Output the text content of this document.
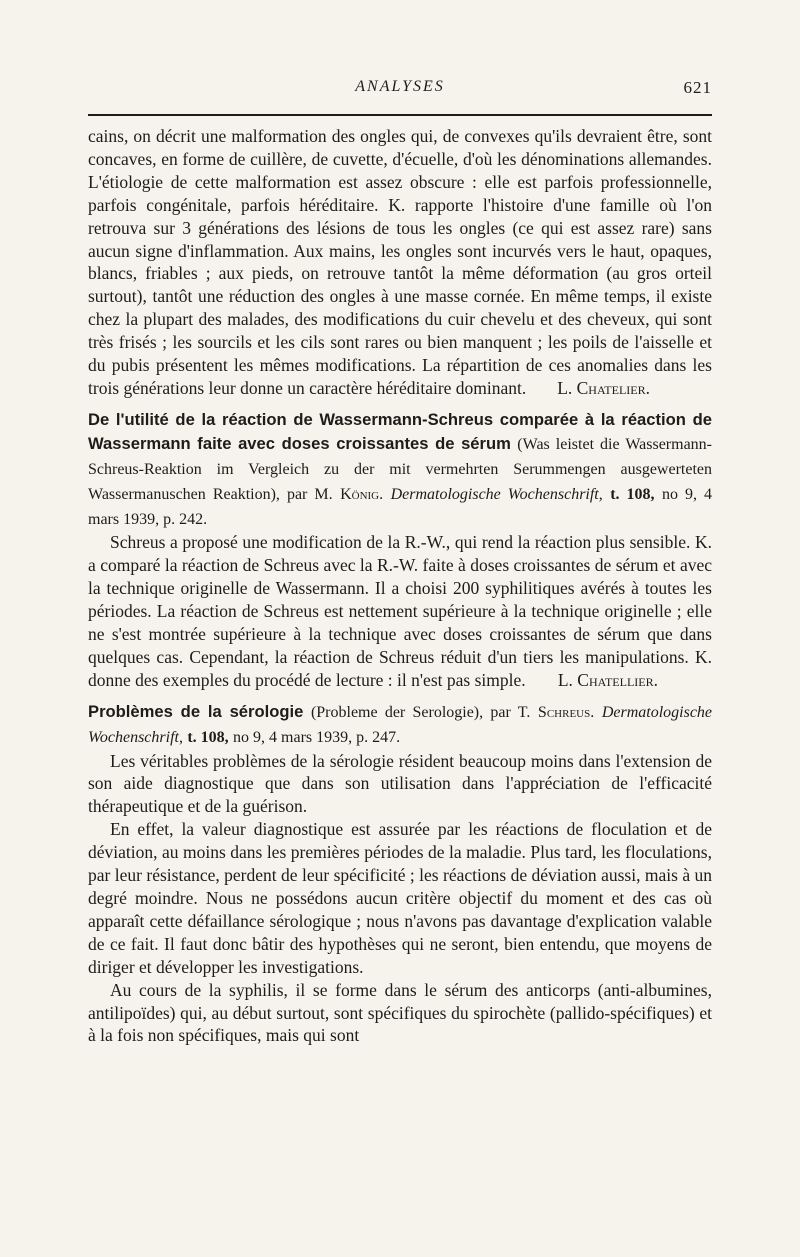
ANALYSES	621

cains, on décrit une malformation des ongles qui, de convexes qu'ils devraient être, sont concaves, en forme de cuillère, de cuvette, d'écuelle, d'où les dénominations allemandes. L'étiologie de cette malformation est assez obscure : elle est parfois professionnelle, parfois congénitale, parfois héréditaire. K. rapporte l'histoire d'une famille où l'on retrouva sur 3 générations des lésions de tous les ongles (ce qui est assez rare) sans aucun signe d'inflammation. Aux mains, les ongles sont incurvés vers le haut, opaques, blancs, friables ; aux pieds, on retrouve tantôt la même déformation (au gros orteil surtout), tantôt une réduction des ongles à une masse cornée. En même temps, il existe chez la plupart des malades, des modifications du cuir chevelu et des cheveux, qui sont très frisés ; les sourcils et les cils sont rares ou bien manquent ; les poils de l'aisselle et du pubis présentent les mêmes modifications. La répartition de ces anomalies dans les trois générations leur donne un caractère héréditaire dominant. L. Chatelier.

De l'utilité de la réaction de Wassermann-Schreus comparée à la réaction de Wassermann faite avec doses croissantes de sérum (Was leistet die Wassermann-Schreus-Reaktion im Vergleich zu der mit vermehrten Serummengen ausgewerteten Wassermanuschen Reaktion), par M. König. Dermatologische Wochenschrift, t. 108, no 9, 4 mars 1939, p. 242.

Schreus a proposé une modification de la R.-W., qui rend la réaction plus sensible. K. a comparé la réaction de Schreus avec la R.-W. faite à doses croissantes de sérum et avec la technique originelle de Wassermann. Il a choisi 200 syphilitiques avérés à toutes les périodes. La réaction de Schreus est nettement supérieure à la technique originelle ; elle ne s'est montrée supérieure à la technique avec doses croissantes de sérum que dans quelques cas. Cependant, la réaction de Schreus réduit d'un tiers les manipulations. K. donne des exemples du procédé de lecture : il n'est pas simple.	L. Chatellier.

Problèmes de la sérologie (Probleme der Serologie), par T. Schreus. Dermatologische Wochenschrift, t. 108, no 9, 4 mars 1939, p. 247.

Les véritables problèmes de la sérologie résident beaucoup moins dans l'extension de son aide diagnostique que dans son utilisation dans l'appréciation de l'efficacité thérapeutique et de la guérison.

En effet, la valeur diagnostique est assurée par les réactions de floculation et de déviation, au moins dans les premières périodes de la maladie. Plus tard, les floculations, par leur résistance, perdent de leur spécificité ; les réactions de déviation aussi, mais à un degré moindre. Nous ne possédons aucun critère objectif du moment et des cas où apparaît cette défaillance sérologique ; nous n'avons pas davantage d'explication valable de ce fait. Il faut donc bâtir des hypothèses qui ne seront, bien entendu, que moyens de diriger et développer les investigations.

Au cours de la syphilis, il se forme dans le sérum des anticorps (anti-albumines, antilipoïdes) qui, au début surtout, sont spécifiques du spirochète (pallido-spécifiques) et à la fois non spécifiques, mais qui sont
